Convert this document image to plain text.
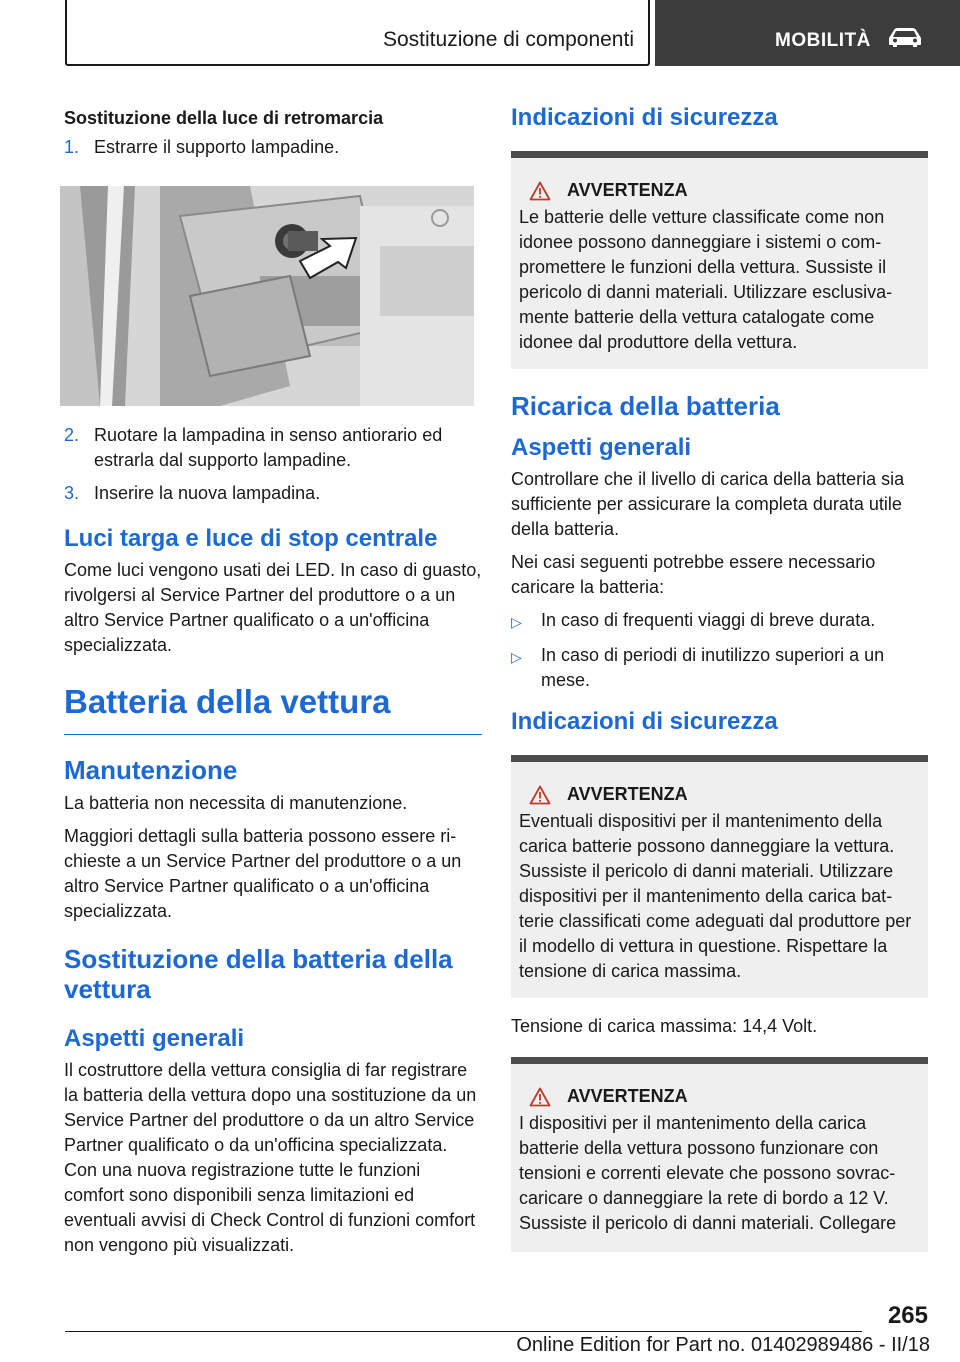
Sostituzione di componenti	MOBILITÀ
Sostituzione della luce di retromarcia
1. Estrarre il supporto lampadine.
2. Ruotare la lampadina in senso antiorario ed estrarla dal supporto lampadine.
3. Inserire la nuova lampadina.
Luci targa e luce di stop centrale
Come luci vengono usati dei LED. In caso di guasto, rivolgersi al Service Partner del produttore o a un altro Service Partner qualificato o a un'officina specializzata.
Batteria della vettura
Manutenzione
La batteria non necessita di manutenzione.
Maggiori dettagli sulla batteria possono essere richieste a un Service Partner del produttore o a un altro Service Partner qualificato o a un'officina specializzata.
Sostituzione della batteria della vettura
Aspetti generali
Il costruttore della vettura consiglia di far registrare la batteria della vettura dopo una sostituzione da un Service Partner del produttore o da un altro Service Partner qualificato o da un'officina specializzata. Con una nuova registrazione tutte le funzioni comfort sono disponibili senza limitazioni ed eventuali avvisi di Check Control di funzioni comfort non vengono più visualizzati.
Indicazioni di sicurezza
AVVERTENZA
Le batterie delle vetture classificate come non idonee possono danneggiare i sistemi o compromettere le funzioni della vettura. Sussiste il pericolo di danni materiali. Utilizzare esclusivamente batterie della vettura catalogate come idonee dal produttore della vettura.
Ricarica della batteria
Aspetti generali
Controllare che il livello di carica della batteria sia sufficiente per assicurare la completa durata utile della batteria.
Nei casi seguenti potrebbe essere necessario caricare la batteria:
▷	In caso di frequenti viaggi di breve durata.
▷	In caso di periodi di inutilizzo superiori a un mese.
Indicazioni di sicurezza
AVVERTENZA
Eventuali dispositivi per il mantenimento della carica batterie possono danneggiare la vettura. Sussiste il pericolo di danni materiali. Utilizzare dispositivi per il mantenimento della carica batterie classificati come adeguati dal produttore per il modello di vettura in questione. Rispettare la tensione di carica massima.
Tensione di carica massima: 14,4 Volt.
AVVERTENZA
I dispositivi per il mantenimento della carica batterie della vettura possono funzionare con tensioni e correnti elevate che possono sovraccaricare o danneggiare la rete di bordo a 12 V. Sussiste il pericolo di danni materiali. Collegare
265
Online Edition for Part no. 01402989486 - II/18
